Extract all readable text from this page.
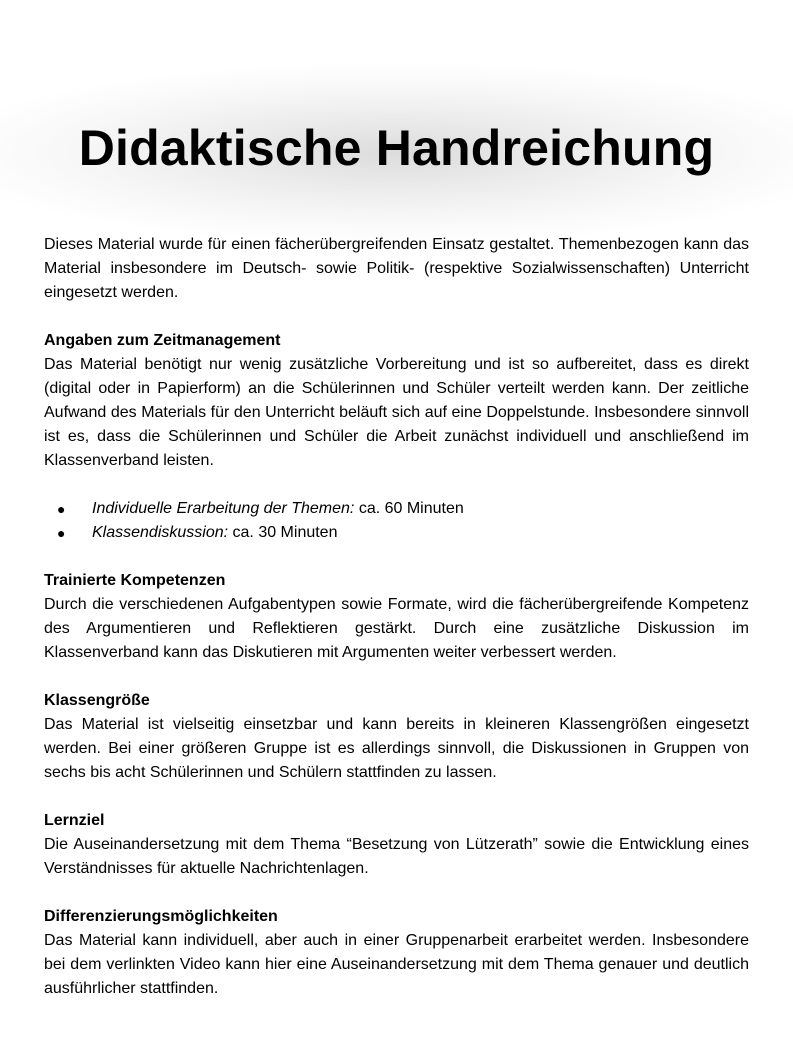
Didaktische Handreichung

Dieses Material wurde für einen fächerübergreifenden Einsatz gestaltet. Themenbezogen kann das Material insbesondere im Deutsch- sowie Politik- (respektive Sozialwissenschaften) Unterricht eingesetzt werden.

Angaben zum Zeitmanagement

Das Material benötigt nur wenig zusätzliche Vorbereitung und ist so aufbereitet, dass es direkt (digital oder in Papierform) an die Schülerinnen und Schüler verteilt werden kann. Der zeitliche Aufwand des Materials für den Unterricht beläuft sich auf eine Doppelstunde. Insbesondere sinnvoll ist es, dass die Schülerinnen und Schüler die Arbeit zunächst individuell und anschließend im Klassenverband leisten.

● Individuelle Erarbeitung der Themen: ca. 60 Minuten
● Klassendiskussion: ca. 30 Minuten

Trainierte Kompetenzen

Durch die verschiedenen Aufgabentypen sowie Formate, wird die fächerübergreifende Kompetenz des Argumentieren und Reflektieren gestärkt. Durch eine zusätzliche Diskussion im Klassenverband kann das Diskutieren mit Argumenten weiter verbessert werden.

Klassengröße

Das Material ist vielseitig einsetzbar und kann bereits in kleineren Klassengrößen eingesetzt werden. Bei einer größeren Gruppe ist es allerdings sinnvoll, die Diskussionen in Gruppen von sechs bis acht Schülerinnen und Schülern stattfinden zu lassen.

Lernziel

Die Auseinandersetzung mit dem Thema “Besetzung von Lützerath” sowie die Entwicklung eines Verständnisses für aktuelle Nachrichtenlagen.

Differenzierungsmöglichkeiten

Das Material kann individuell, aber auch in einer Gruppenarbeit erarbeitet werden. Insbesondere bei dem verlinkten Video kann hier eine Auseinandersetzung mit dem Thema genauer und deutlich ausführlicher stattfinden.
